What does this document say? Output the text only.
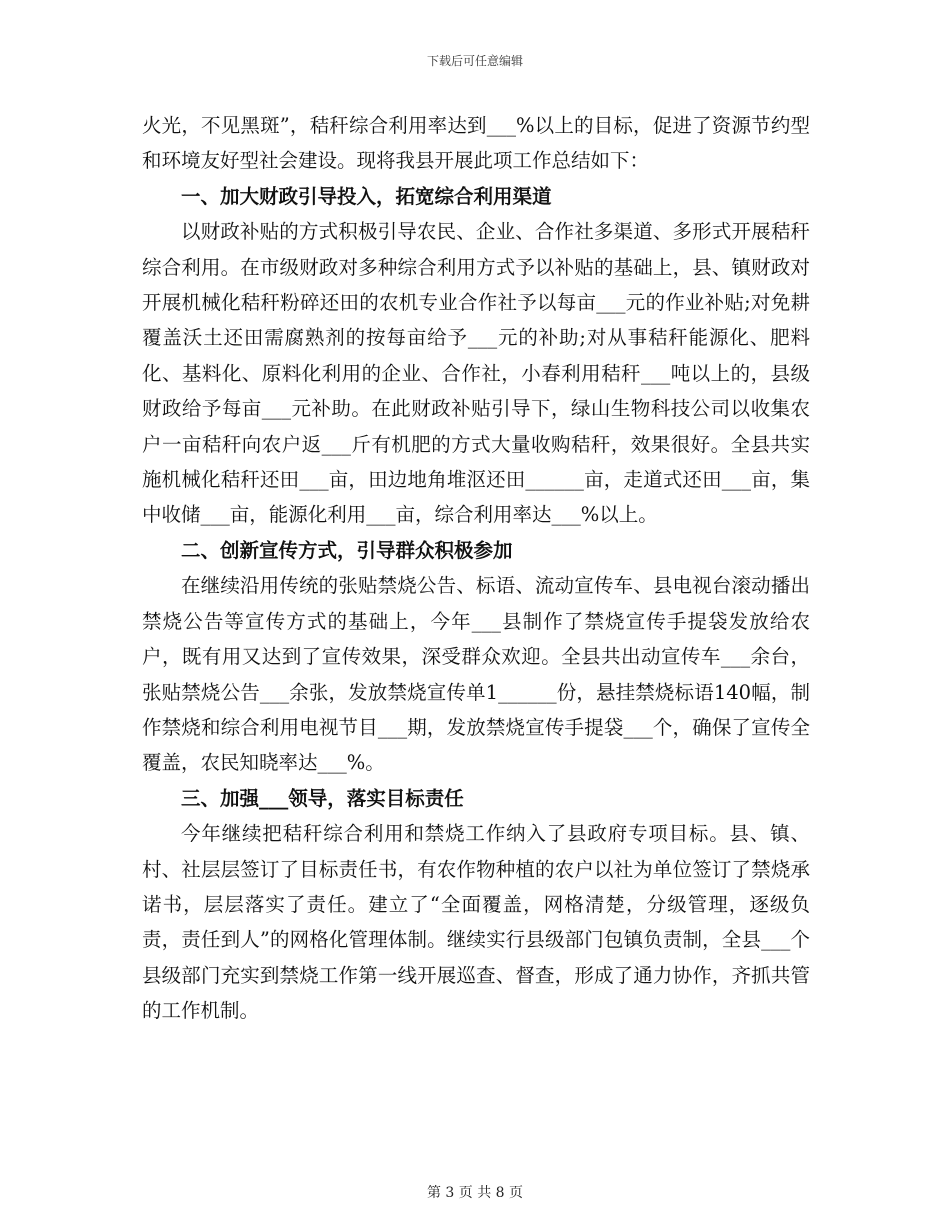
下载后可任意编辑

火光，不见黑斑”，秸秆综合利用率达到___%以上的目标，促进了资源节约型和环境友好型社会建设。现将我县开展此项工作总结如下：

一、加大财政引导投入，拓宽综合利用渠道

以财政补贴的方式积极引导农民、企业、合作社多渠道、多形式开展秸秆综合利用。在市级财政对多种综合利用方式予以补贴的基础上，县、镇财政对开展机械化秸秆粉碎还田的农机专业合作社予以每亩___元的作业补贴;对免耕覆盖沃土还田需腐熟剂的按每亩给予___元的补助;对从事秸秆能源化、肥料化、基料化、原料化利用的企业、合作社，小春利用秸秆___吨以上的，县级财政给予每亩___元补助。在此财政补贴引导下，绿山生物科技公司以收集农户一亩秸秆向农户返___斤有机肥的方式大量收购秸秆，效果很好。全县共实施机械化秸秆还田___亩，田边地角堆沤还田______亩，走道式还田___亩，集中收储___亩，能源化利用___亩，综合利用率达___%以上。

二、创新宣传方式，引导群众积极参加

在继续沿用传统的张贴禁烧公告、标语、流动宣传车、县电视台滚动播出禁烧公告等宣传方式的基础上，今年___县制作了禁烧宣传手提袋发放给农户，既有用又达到了宣传效果，深受群众欢迎。全县共出动宣传车___余台，张贴禁烧公告___余张，发放禁烧宣传单1______份，悬挂禁烧标语140幅，制作禁烧和综合利用电视节目___期，发放禁烧宣传手提袋___个，确保了宣传全覆盖，农民知晓率达___%。

三、加强___领导，落实目标责任

今年继续把秸秆综合利用和禁烧工作纳入了县政府专项目标。县、镇、村、社层层签订了目标责任书，有农作物种植的农户以社为单位签订了禁烧承诺书，层层落实了责任。建立了“全面覆盖，网格清楚，分级管理，逐级负责，责任到人”的网格化管理体制。继续实行县级部门包镇负责制，全县___个县级部门充实到禁烧工作第一线开展巡查、督查，形成了通力协作，齐抓共管的工作机制。

第 3 页 共 8 页
